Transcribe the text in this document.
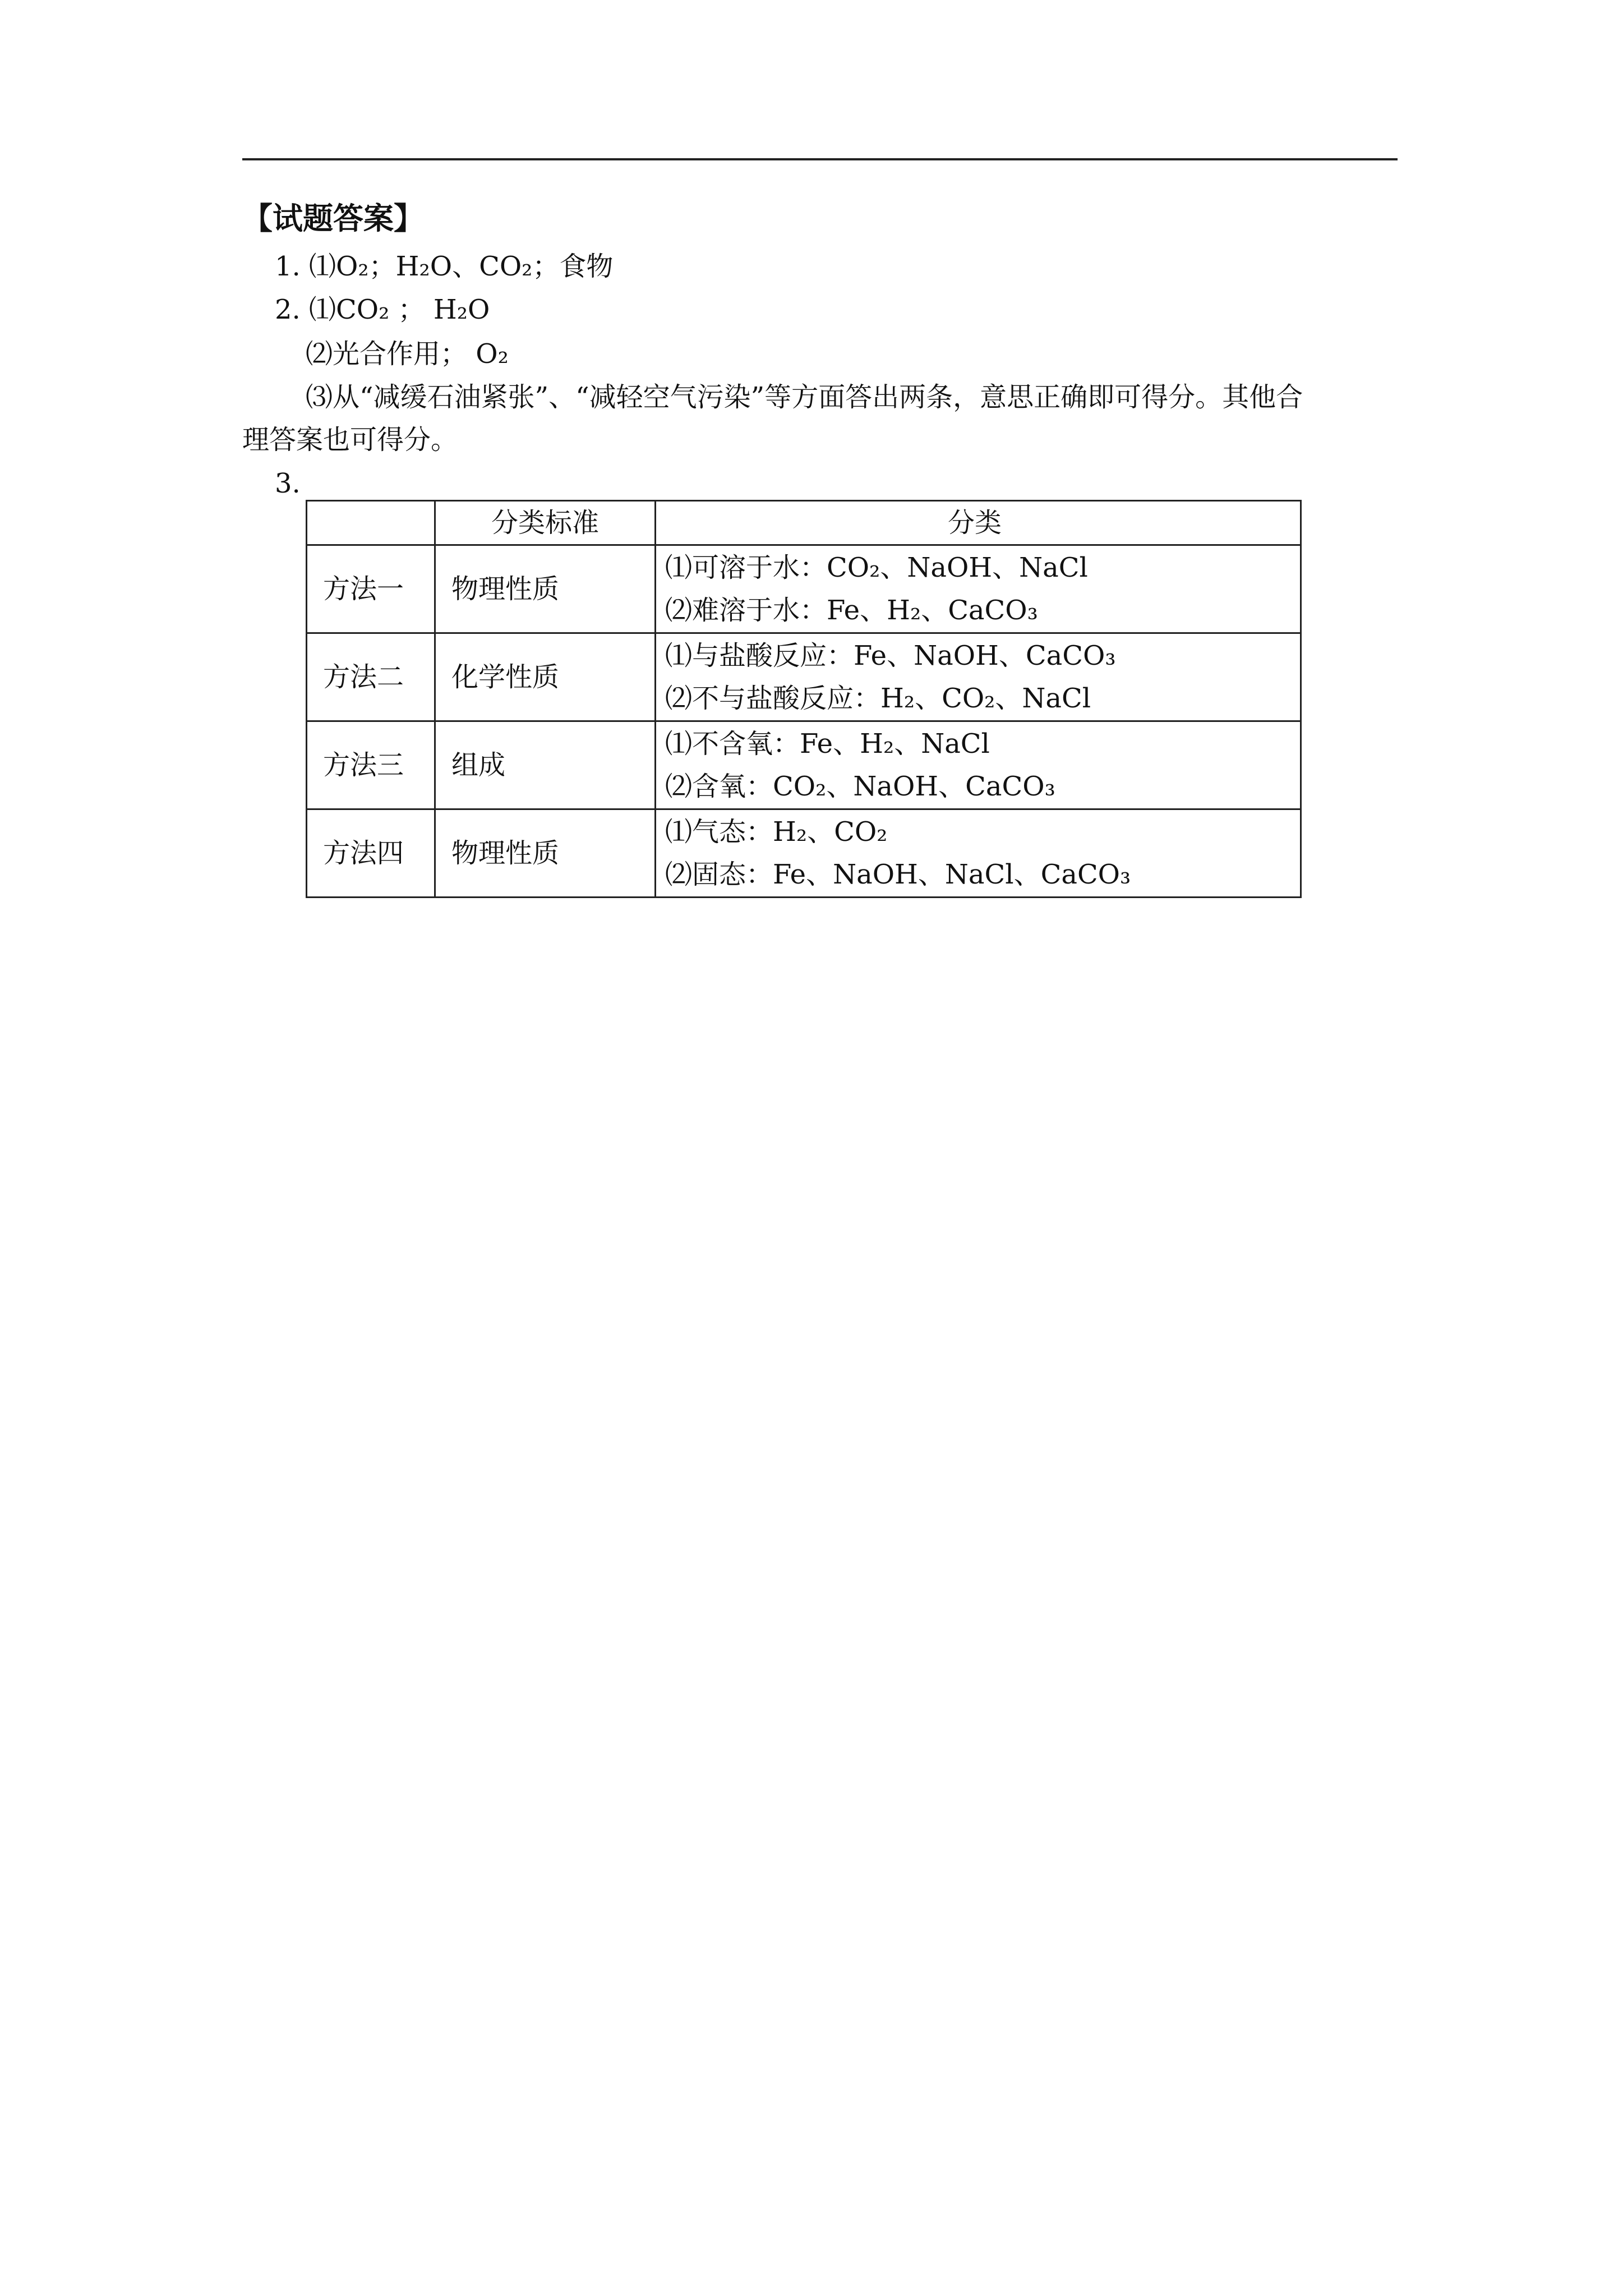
【试题答案】
1. ⑴O₂；H₂O、CO₂；食物
2. ⑴CO₂ ； H₂O
⑵光合作用； O₂
⑶从“减缓石油紧张”、“减轻空气污染”等方面答出两条，意思正确即可得分。其他合
理答案也可得分。
3.
	分类标准	分类
方法一	物理性质	⑴可溶于水：CO₂、NaOH、NaCl
⑵难溶于水：Fe、H₂、CaCO₃

方法二	化学性质	⑴与盐酸反应：Fe、NaOH、CaCO₃
⑵不与盐酸反应：H₂、CO₂、NaCl

方法三	组成	⑴不含氧：Fe、H₂、NaCl
⑵含氧：CO₂、NaOH、CaCO₃

方法四	物理性质	⑴气态：H₂、CO₂
⑵固态：Fe、NaOH、NaCl、CaCO₃
